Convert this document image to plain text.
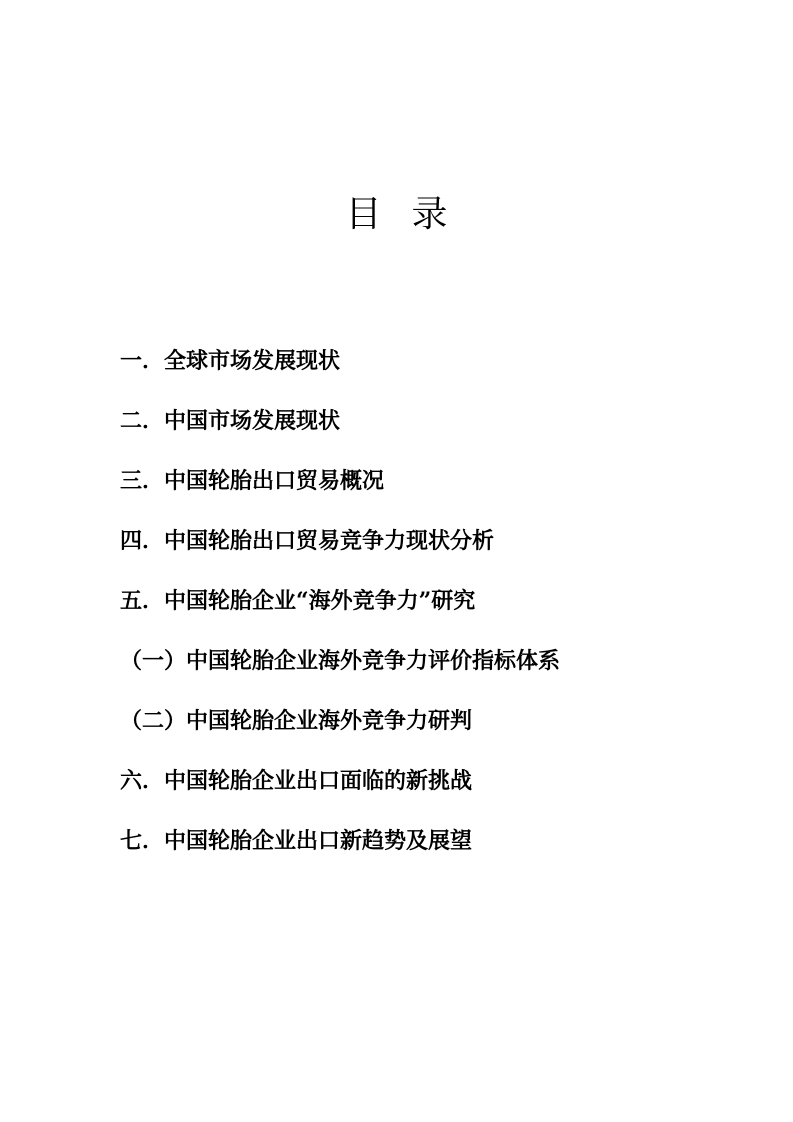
目 录
一．全球市场发展现状
二．中国市场发展现状
三．中国轮胎出口贸易概况
四．中国轮胎出口贸易竞争力现状分析
五．中国轮胎企业“海外竞争力”研究
（一）中国轮胎企业海外竞争力评价指标体系
（二）中国轮胎企业海外竞争力研判
六．中国轮胎企业出口面临的新挑战
七．中国轮胎企业出口新趋势及展望
